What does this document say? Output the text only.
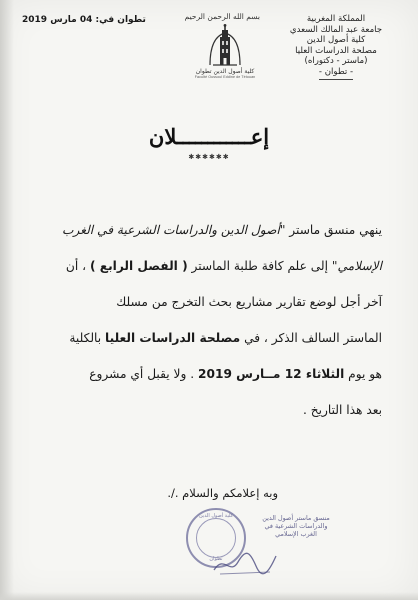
المملكة المغربية
جامعة عبد المالك السعدي
كلية أصول الدين
مصلحة الدراسات العليا
(ماستر - دكتوراه)
- تطوان -
بسم الله الرحمن الرحيم
كلية أصول الدين تطوان
Faculté Oussoul Eddine de Tétouan
تطوان في: 04 مارس 2019
إعــــــــــــلان
✱✱✱✱✱✱
ينهي منسق ماستر "أصول الدين والدراسات الشرعية في الغرب
الإسلامي" إلى علم كافة طلبة الماستر ( الفصل الرابع ) ، أن
آخر أجل لوضع تقارير مشاريع بحث التخرج من مسلك
الماستر السالف الذكر ، في مصلحة الدراسات العليا بالكلية
هو يوم الثلاثاء 12 مــارس 2019 . ولا يقبل أي مشروع
بعد هذا التاريخ .
وبه إعلامكم والسلام ./.
منسق ماستر أصول الدين
والدراسات الشرعية في
الغرب الإسلامي
كلية أصول الدين
تطوان
